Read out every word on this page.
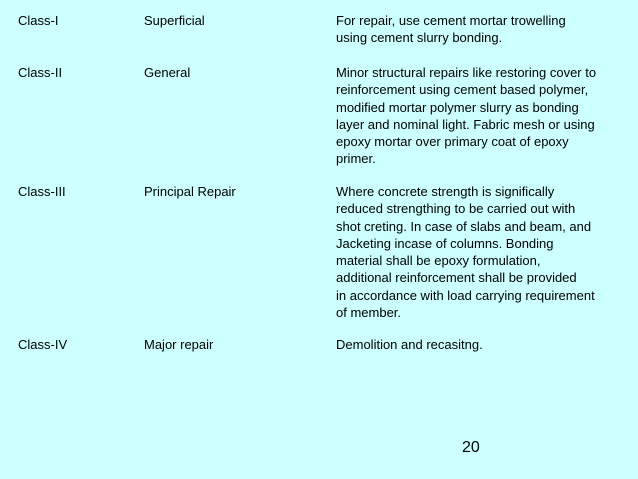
Class-I	Superficial	For repair, use cement mortar trowelling
using cement slurry bonding.
Class-II	General	Minor structural repairs like restoring cover to
reinforcement using cement based polymer,
modified mortar polymer slurry as bonding
layer and nominal light. Fabric mesh or using
epoxy mortar over primary coat of epoxy
primer.
Class-III	Principal Repair	Where concrete strength is significally
reduced strengthing to be carried out with
shot creting. In case of slabs and beam, and
Jacketing incase of columns. Bonding
material shall be epoxy formulation,
additional reinforcement shall be provided
in accordance with load carrying requirement
of member.
Class-IV	Major repair	Demolition and recasitng.
20
